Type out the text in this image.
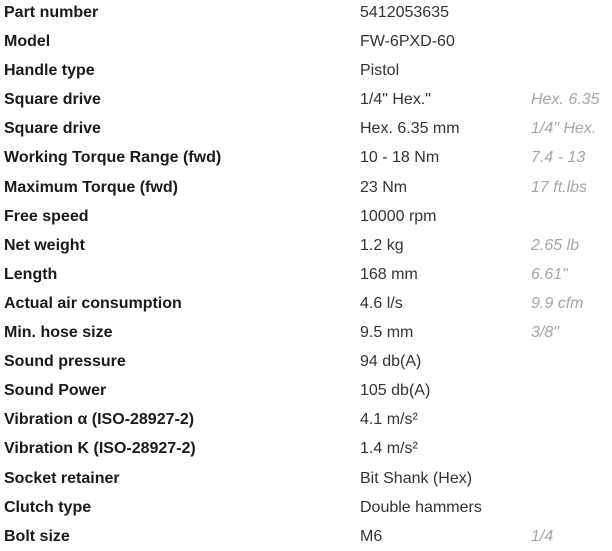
Part number	5412053635
Model	FW-6PXD-60
Handle type	Pistol
Square drive	1/4" Hex."	Hex. 6.35
Square drive	Hex. 6.35 mm	1/4" Hex.
Working Torque Range (fwd)	10 - 18 Nm	7.4 - 13
Maximum Torque (fwd)	23 Nm	17 ft.lbs
Free speed	10000 rpm
Net weight	1.2 kg	2.65 lb
Length	168 mm	6.61"
Actual air consumption	4.6 l/s	9.9 cfm
Min. hose size	9.5 mm	3/8"
Sound pressure	94 db(A)
Sound Power	105 db(A)
Vibration α (ISO-28927-2)	4.1 m/s²
Vibration K (ISO-28927-2)	1.4 m/s²
Socket retainer	Bit Shank (Hex)
Clutch type	Double hammers
Bolt size	M6	1/4
